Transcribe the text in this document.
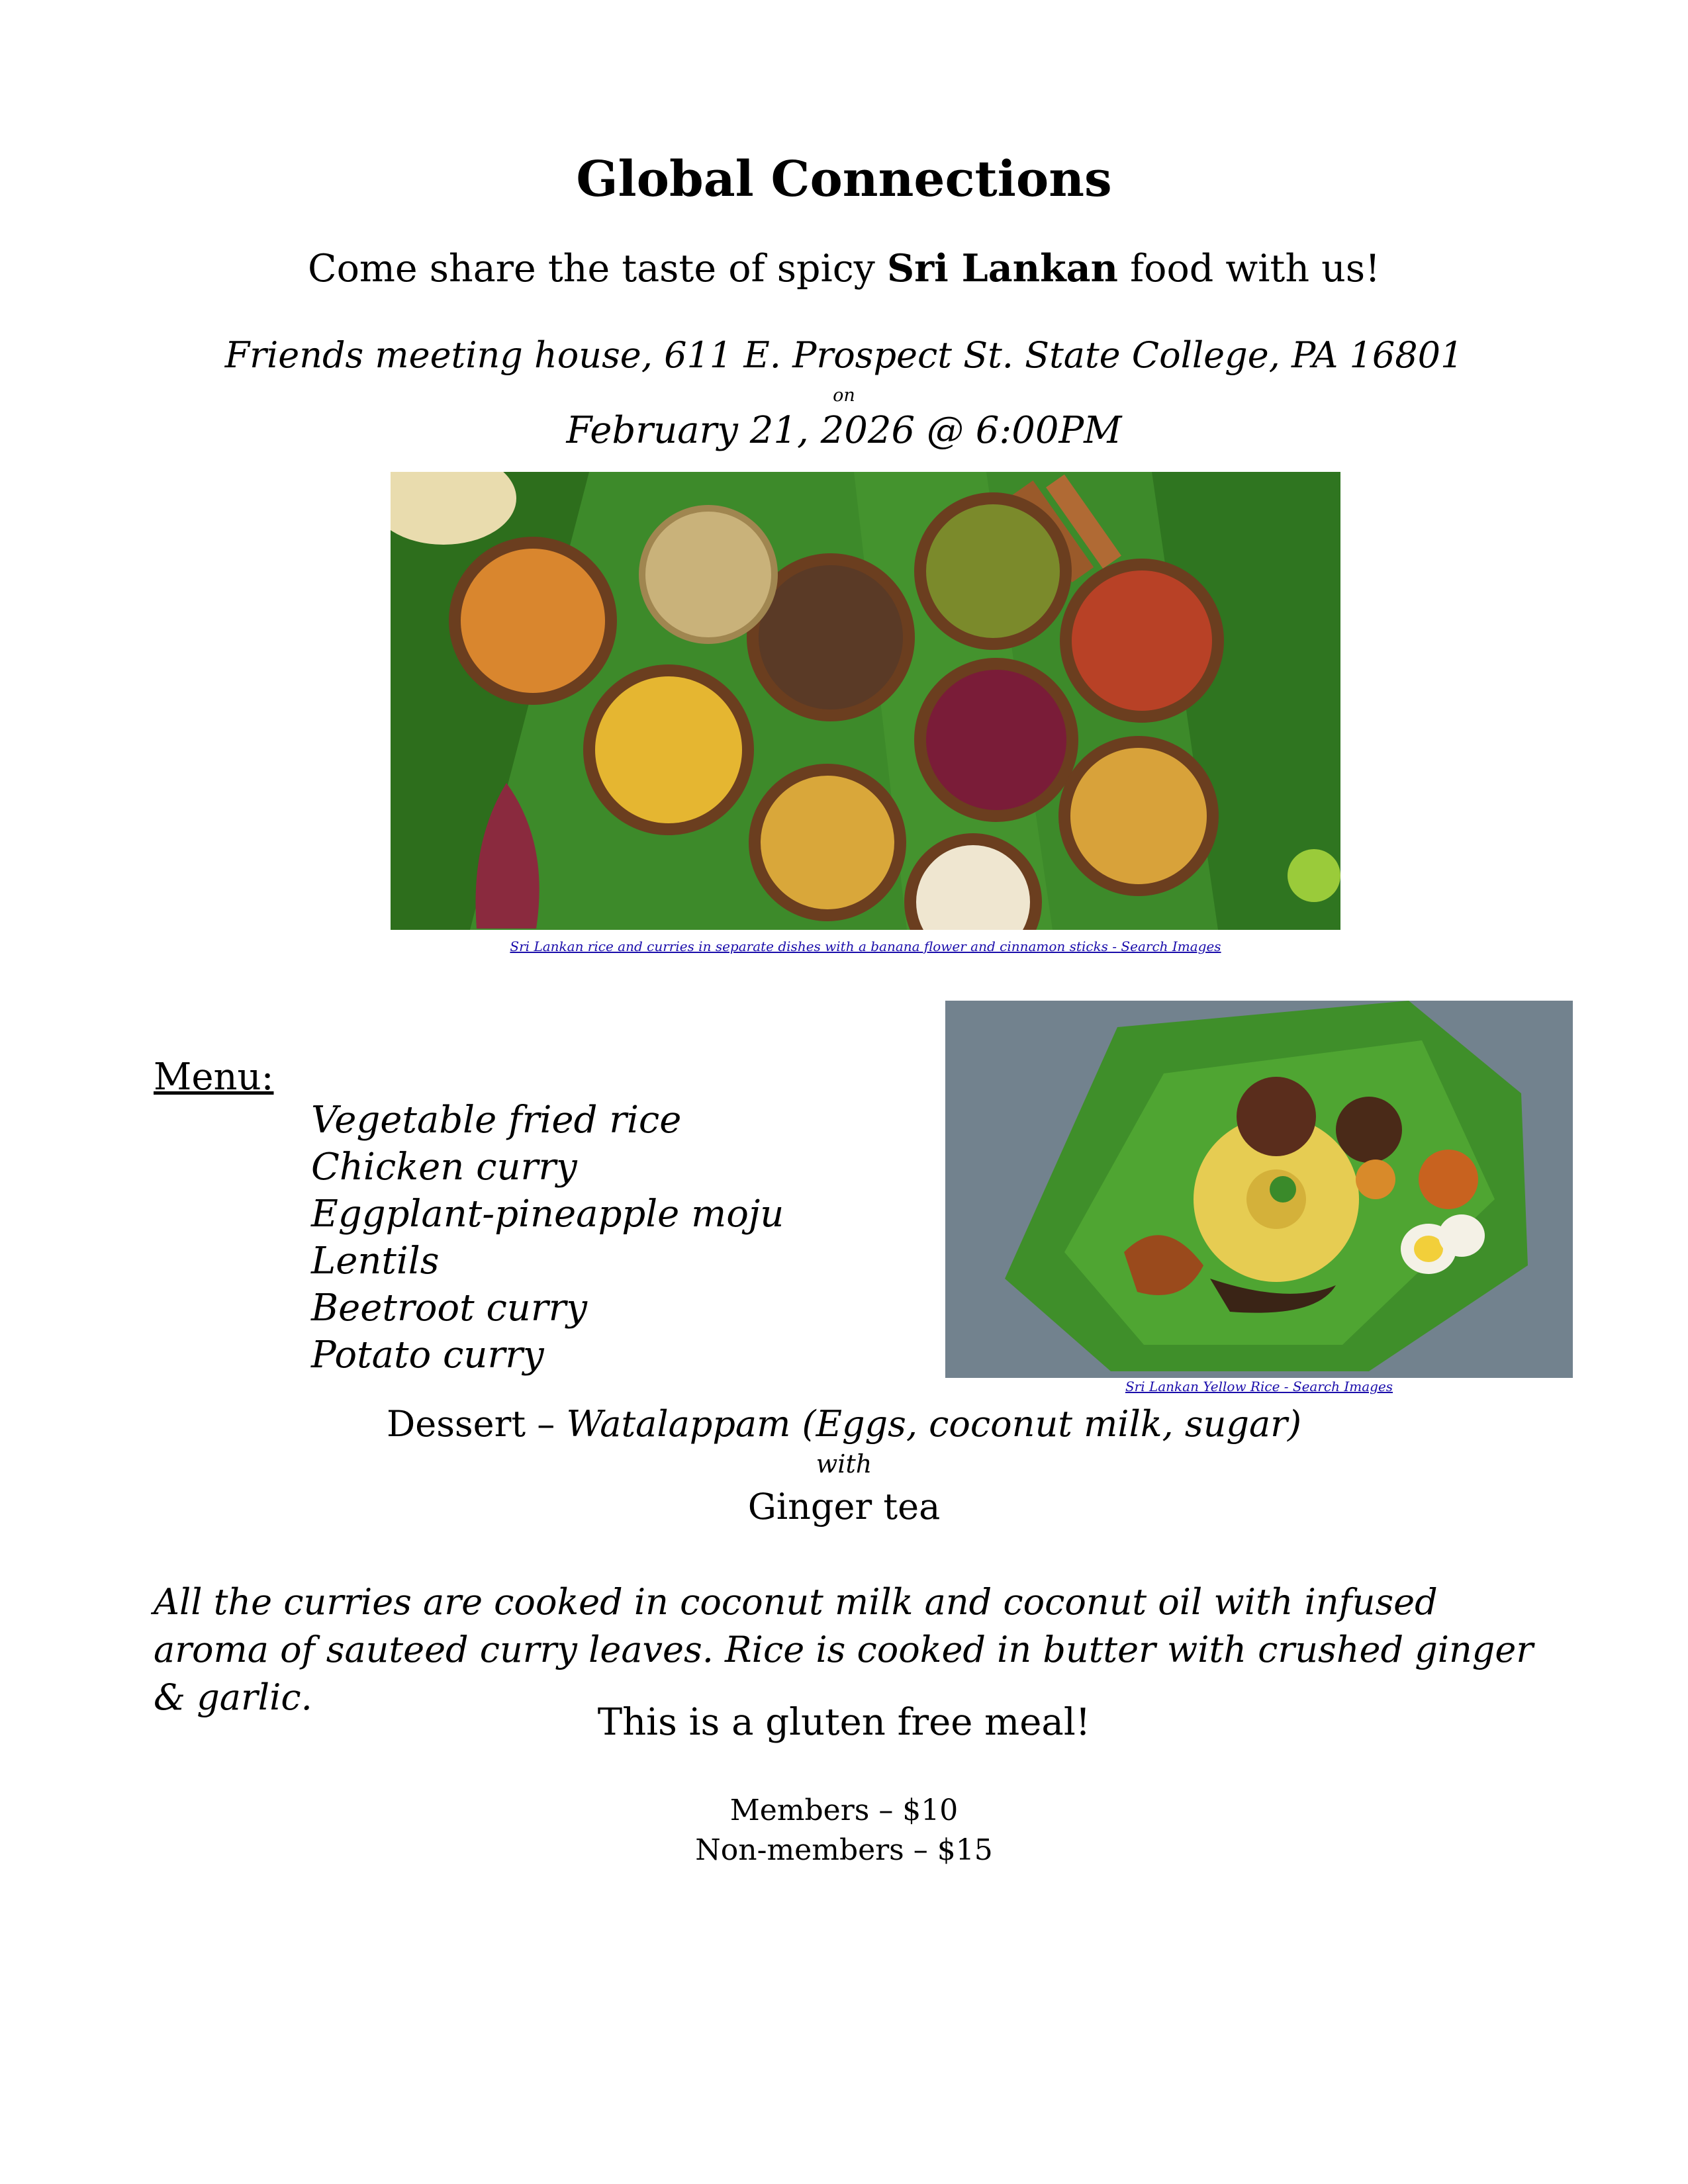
Global Connections
Come share the taste of spicy Sri Lankan food with us!
Friends meeting house, 611 E. Prospect St. State College, PA 16801
on
February 21, 2026 @ 6:00PM
Sri Lankan rice and curries in separate dishes with a banana flower and cinnamon sticks - Search Images
Menu:
Vegetable fried rice
Chicken curry
Eggplant-pineapple moju
Lentils
Beetroot curry
Potato curry
Sri Lankan Yellow Rice - Search Images
Dessert – Watalappam (Eggs, coconut milk, sugar)
with
Ginger tea
All the curries are cooked in coconut milk and coconut oil with infused aroma of sauteed curry leaves. Rice is cooked in butter with crushed ginger & garlic.
This is a gluten free meal!
Members – $10
Non-members – $15
